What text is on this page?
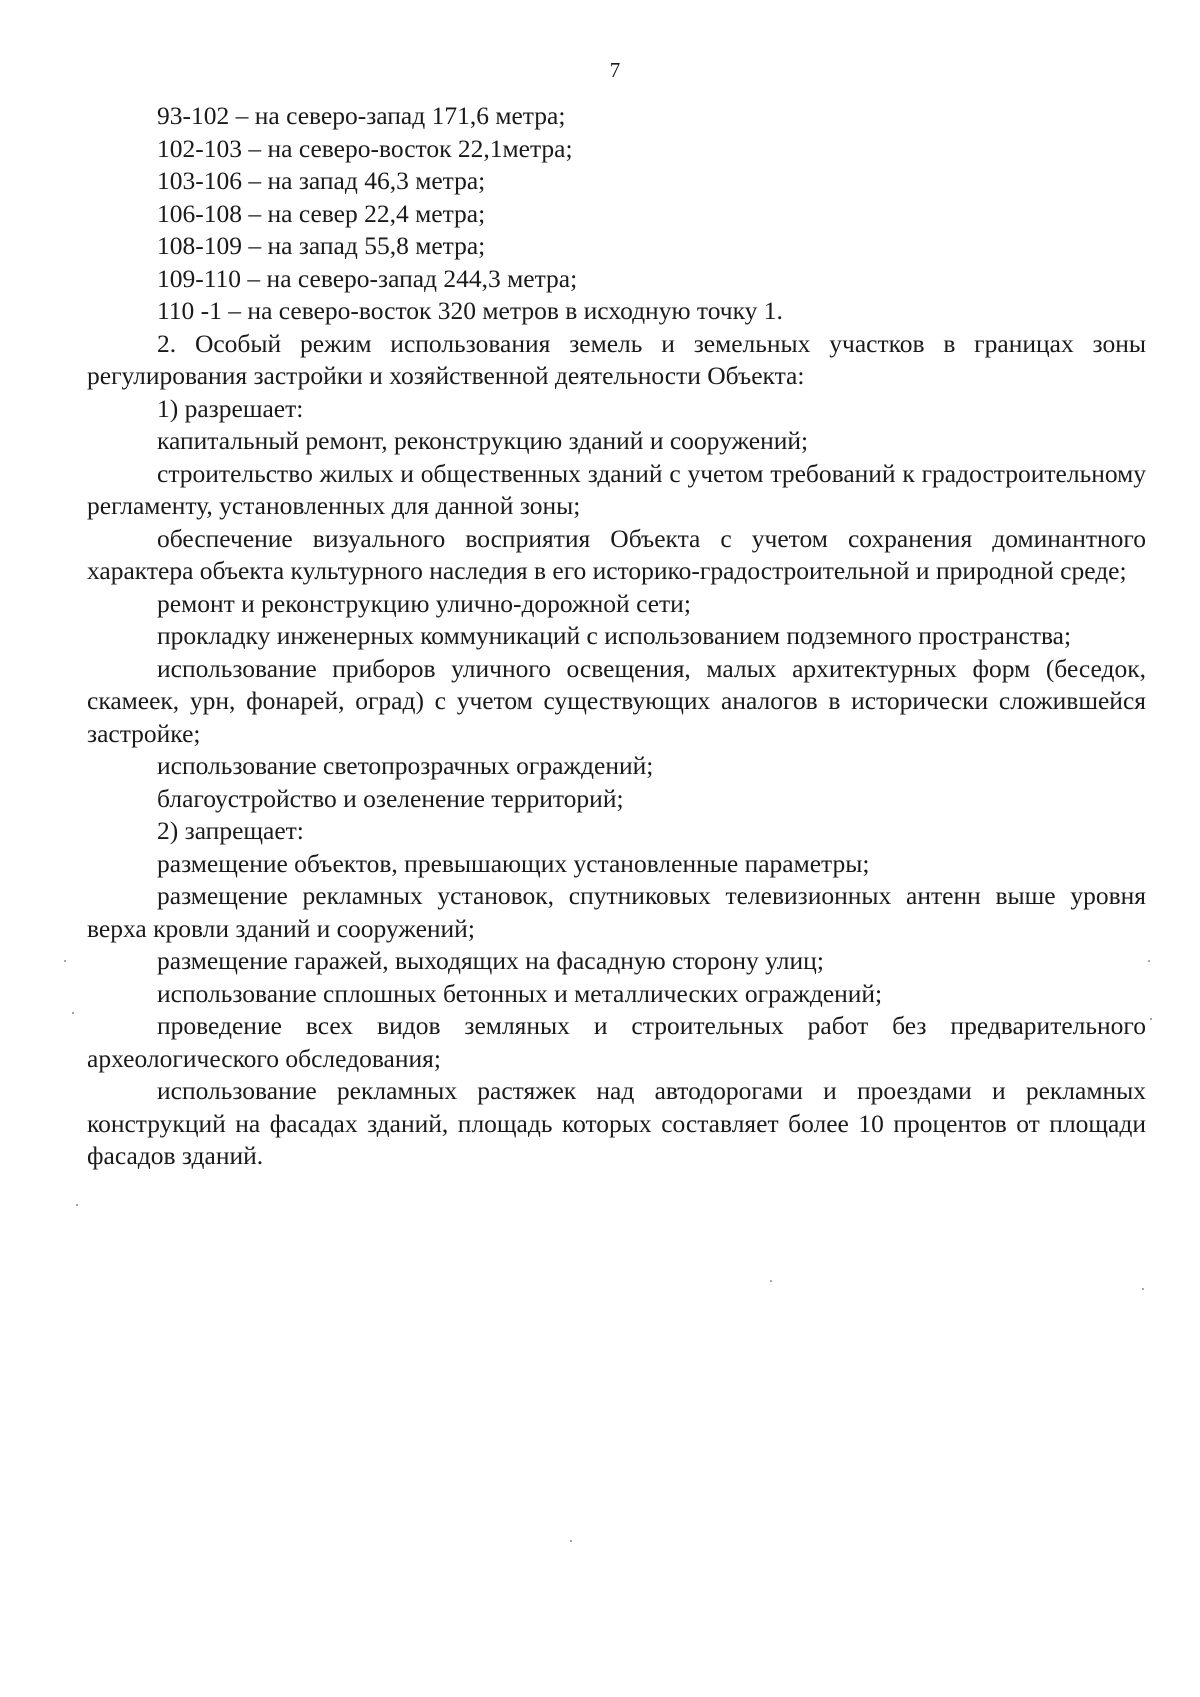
7

93-102 – на северо-запад 171,6 метра;

102-103 – на северо-восток 22,1метра;

103-106 – на запад 46,3 метра;

106-108 – на север 22,4 метра;

108-109 – на запад 55,8 метра;

109-110 – на северо-запад 244,3 метра;

110 -1 – на северо-восток 320 метров в исходную точку 1.

2. Особый режим использования земель и земельных участков в границах зоны регулирования застройки и хозяйственной деятельности Объекта:

1) разрешает:

капитальный ремонт, реконструкцию зданий и сооружений;

строительство жилых и общественных зданий с учетом требований к градостроительному регламенту, установленных для данной зоны;

обеспечение визуального восприятия Объекта с учетом сохранения доминантного характера объекта культурного наследия в его историко-градостроительной и природной среде;

ремонт и реконструкцию улично-дорожной сети;

прокладку инженерных коммуникаций с использованием подземного пространства;

использование приборов уличного освещения, малых архитектурных форм (беседок, скамеек, урн, фонарей, оград) с учетом существующих аналогов в исторически сложившейся застройке;

использование светопрозрачных ограждений;

благоустройство и озеленение территорий;

2) запрещает:

размещение объектов, превышающих установленные параметры;

размещение рекламных установок, спутниковых телевизионных антенн выше уровня верха кровли зданий и сооружений;

размещение гаражей, выходящих на фасадную сторону улиц;

использование сплошных бетонных и металлических ограждений;

проведение всех видов земляных и строительных работ без предварительного археологического обследования;

использование рекламных растяжек над автодорогами и проездами и рекламных конструкций на фасадах зданий, площадь которых составляет более 10 процентов от площади фасадов зданий.
